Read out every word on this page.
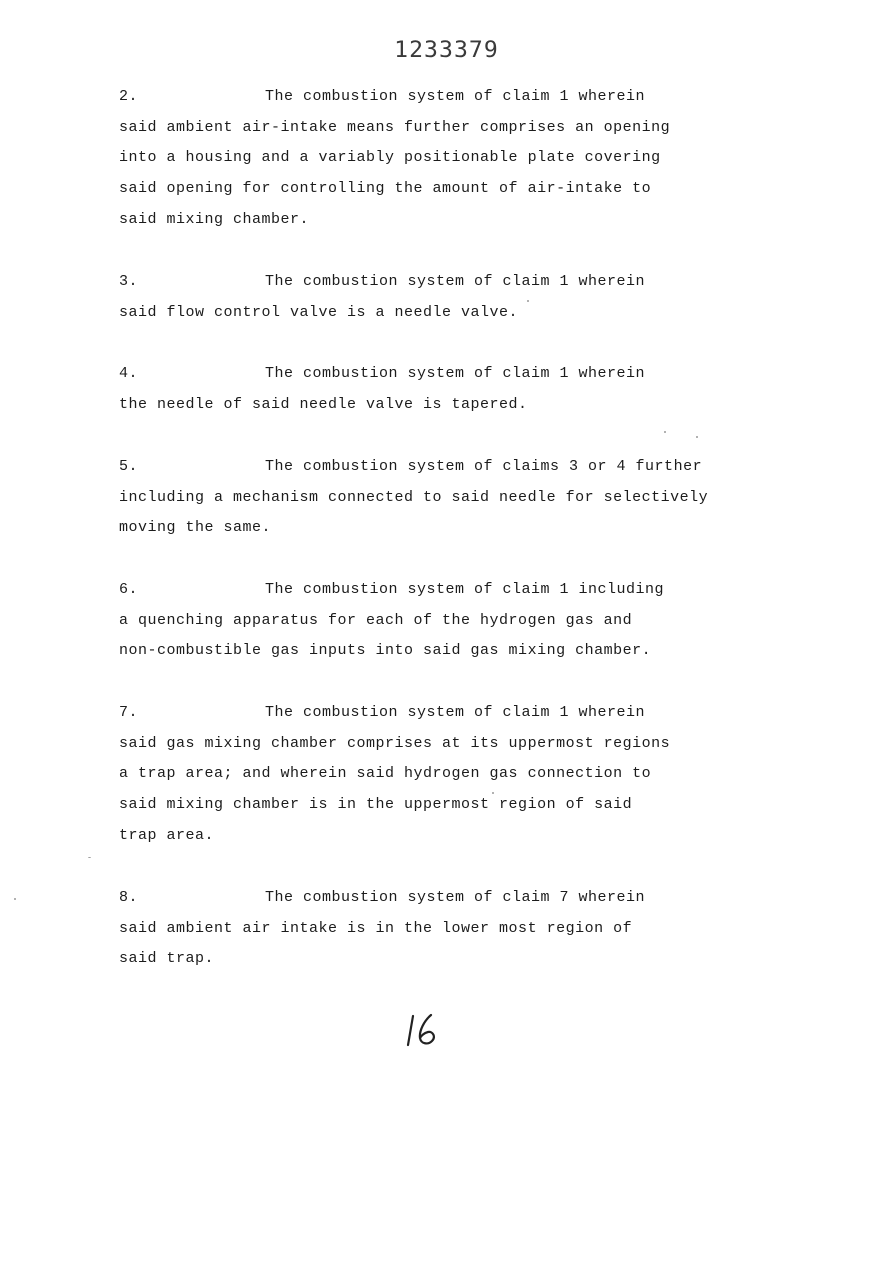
1233379
2.	The combustion system of claim 1 wherein
said ambient air-intake means further comprises an opening
into a housing and a variably positionable plate covering
said opening for controlling the amount of air-intake to
said mixing chamber.
3.	The combustion system of claim 1 wherein
said flow control valve is a needle valve.
4.	The combustion system of claim 1 wherein
the needle of said needle valve is tapered.
5.	The combustion system of claims 3 or 4 further
including a mechanism connected to said needle for selectively
moving the same.
6.	The combustion system of claim 1 including
a quenching apparatus for each of the hydrogen gas and
non-combustible gas inputs into said gas mixing chamber.
7.	The combustion system of claim 1 wherein
said gas mixing chamber comprises at its uppermost regions
a trap area; and wherein said hydrogen gas connection to
said mixing chamber is in the uppermost region of said
trap area.
8.	The combustion system of claim 7 wherein
said ambient air intake is in the lower most region of
said trap.
